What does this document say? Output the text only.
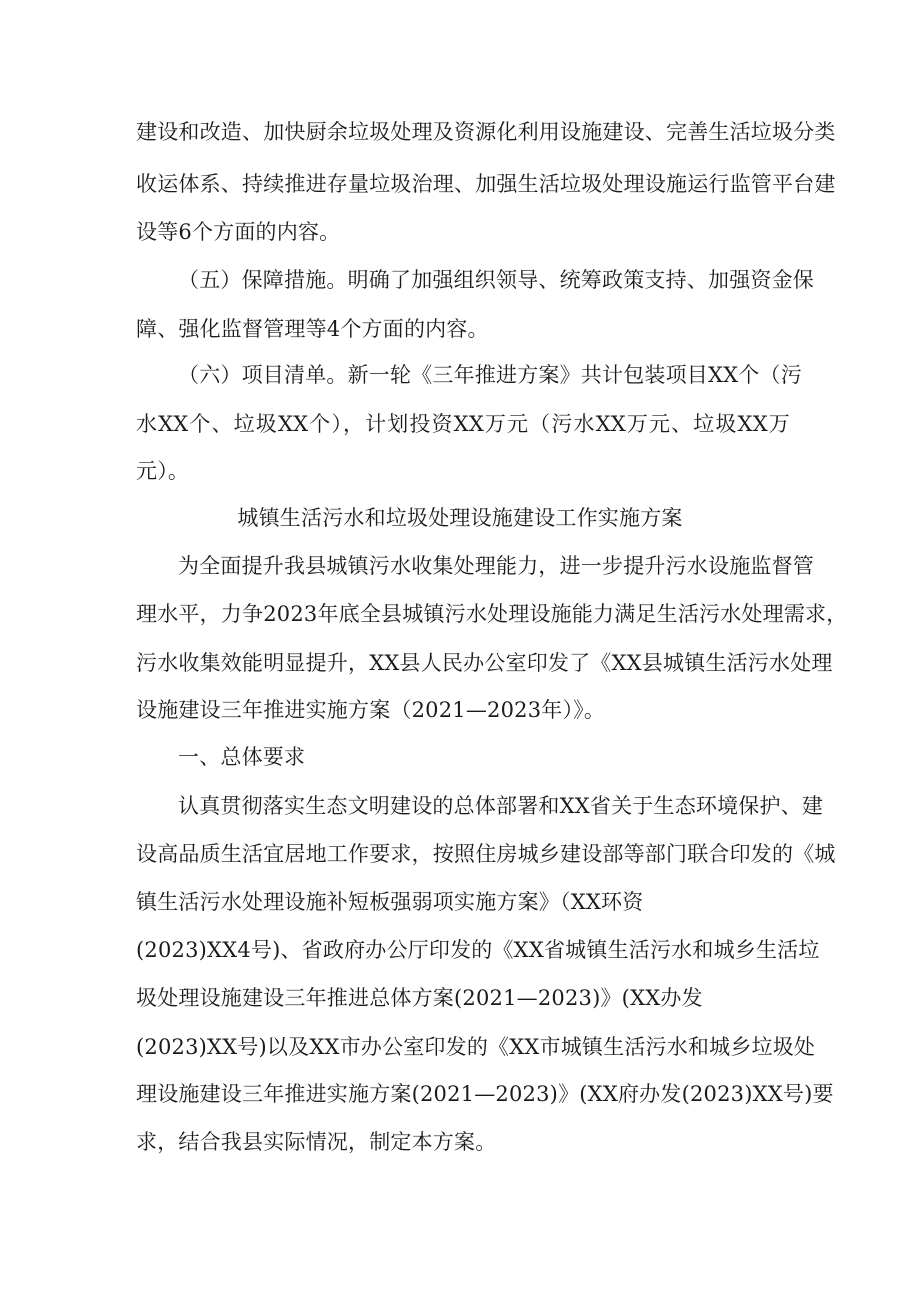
建设和改造、加快厨余垃圾处理及资源化利用设施建设、完善生活垃圾分类
收运体系、持续推进存量垃圾治理、加强生活垃圾处理设施运行监管平台建
设等6个方面的内容。
（五）保障措施。明确了加强组织领导、统筹政策支持、加强资金保
障、强化监督管理等4个方面的内容。
（六）项目清单。新一轮《三年推进方案》共计包装项目XX个（污
水XX个、垃圾XX个），计划投资XX万元（污水XX万元、垃圾XX万
元）。
城镇生活污水和垃圾处理设施建设工作实施方案
为全面提升我县城镇污水收集处理能力，进一步提升污水设施监督管
理水平，力争2023年底全县城镇污水处理设施能力满足生活污水处理需求，
污水收集效能明显提升，XX县人民办公室印发了《XX县城镇生活污水处理
设施建设三年推进实施方案（2021—2023年）》。
一、总体要求
认真贯彻落实生态文明建设的总体部署和XX省关于生态环境保护、建
设高品质生活宜居地工作要求，按照住房城乡建设部等部门联合印发的《城
镇生活污水处理设施补短板强弱项实施方案》（XX环资
(2023)XX4号)、省政府办公厅印发的《XX省城镇生活污水和城乡生活垃
圾处理设施建设三年推进总体方案(2021—2023)》(XX办发
(2023)XX号)以及XX市办公室印发的《XX市城镇生活污水和城乡垃圾处
理设施建设三年推进实施方案(2021—2023)》(XX府办发(2023)XX号)要
求，结合我县实际情况，制定本方案。
